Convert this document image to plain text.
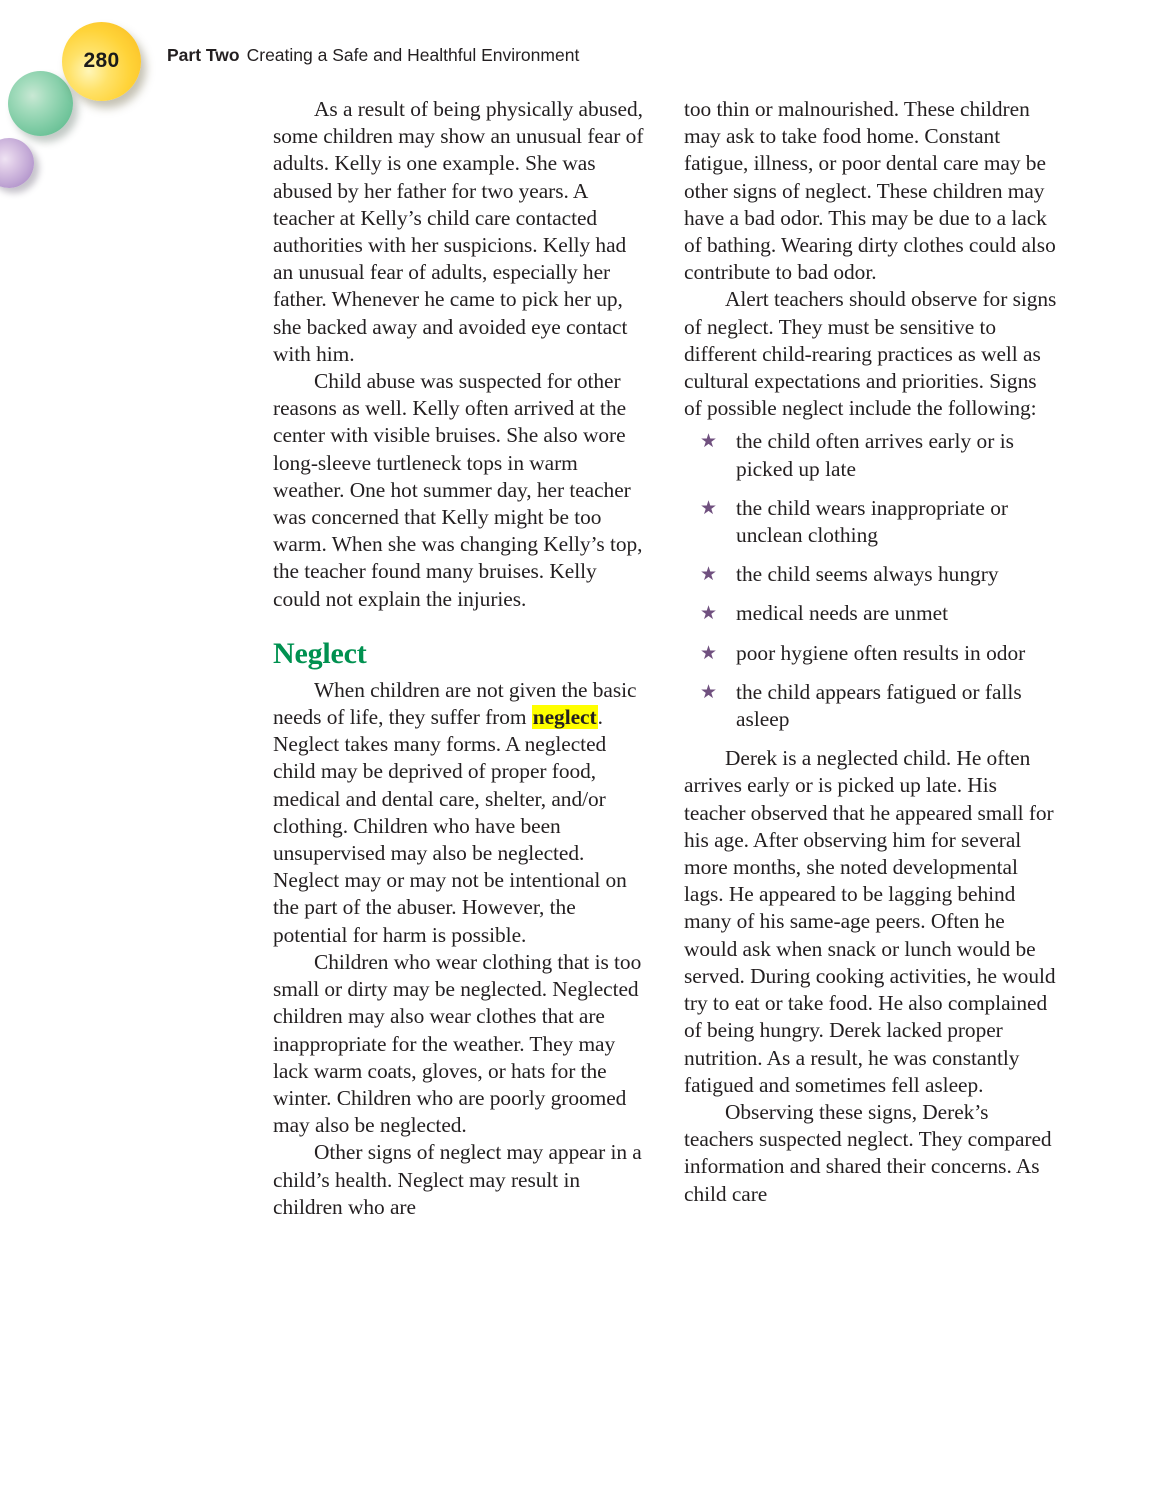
280	Part Two Creating a Safe and Healthful Environment

As a result of being physically abused, some children may show an unusual fear of adults. Kelly is one example. She was abused by her father for two years. A teacher at Kelly’s child care contacted authorities with her suspicions. Kelly had an unusual fear of adults, especially her father. Whenever he came to pick her up, she backed away and avoided eye contact with him.

Child abuse was suspected for other reasons as well. Kelly often arrived at the center with visible bruises. She also wore long-sleeve turtleneck tops in warm weather. One hot summer day, her teacher was concerned that Kelly might be too warm. When she was changing Kelly’s top, the teacher found many bruises. Kelly could not explain the injuries.

Neglect

When children are not given the basic needs of life, they suffer from neglect. Neglect takes many forms. A neglected child may be deprived of proper food, medical and dental care, shelter, and/or clothing. Children who have been unsupervised may also be neglected. Neglect may or may not be intentional on the part of the abuser. However, the potential for harm is possible.

Children who wear clothing that is too small or dirty may be neglected. Neglected children may also wear clothes that are inappropriate for the weather. They may lack warm coats, gloves, or hats for the winter. Children who are poorly groomed may also be neglected.

Other signs of neglect may appear in a child’s health. Neglect may result in children who are

too thin or malnourished. These children may ask to take food home. Constant fatigue, illness, or poor dental care may be other signs of neglect. These children may have a bad odor. This may be due to a lack of bathing. Wearing dirty clothes could also contribute to bad odor.

Alert teachers should observe for signs of neglect. They must be sensitive to different child-rearing practices as well as cultural expectations and priorities. Signs of possible neglect include the following:

★ the child often arrives early or is picked up late
★ the child wears inappropriate or unclean clothing
★ the child seems always hungry
★ medical needs are unmet
★ poor hygiene often results in odor
★ the child appears fatigued or falls asleep

Derek is a neglected child. He often arrives early or is picked up late. His teacher observed that he appeared small for his age. After observing him for several more months, she noted developmental lags. He appeared to be lagging behind many of his same-age peers. Often he would ask when snack or lunch would be served. During cooking activities, he would try to eat or take food. He also complained of being hungry. Derek lacked proper nutrition. As a result, he was constantly fatigued and sometimes fell asleep.

Observing these signs, Derek’s teachers suspected neglect. They compared information and shared their concerns. As child care
